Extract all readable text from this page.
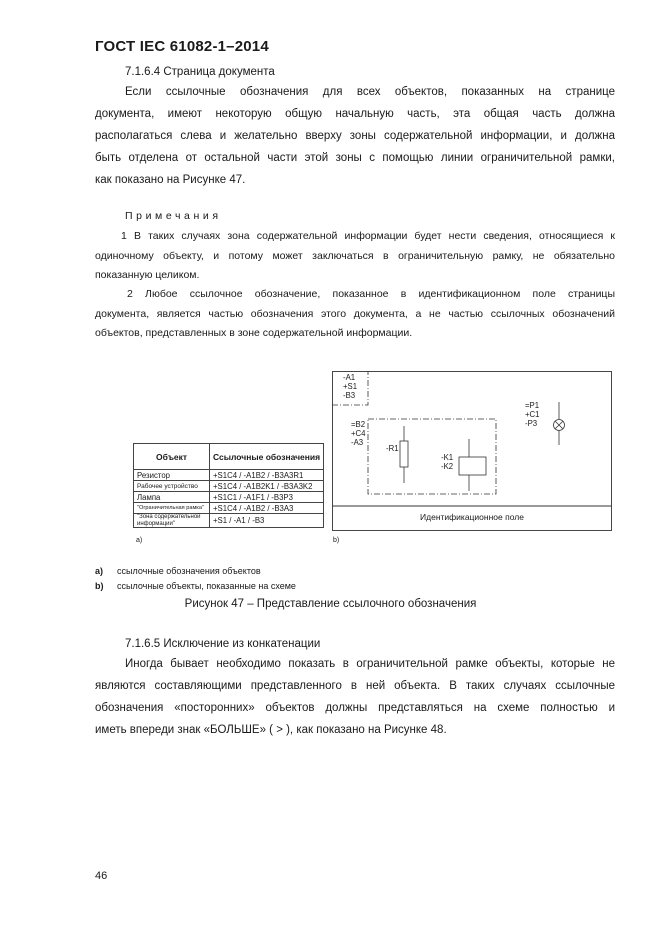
ГОСТ IEC 61082-1–2014
7.1.6.4 Страница документа
Если ссылочные обозначения для всех объектов, показанных на странице
документа, имеют некоторую общую начальную часть, эта общая часть должна
располагаться слева и желательно вверху зоны содержательной информации, и должна
быть отделена от остальной части этой зоны с помощью линии ограничительной рамки,
как показано на Рисунке 47.
Примечания
1 В таких случаях зона содержательной информации будет нести сведения, относящиеся к
одиночному объекту, и потому может заключаться в ограничительную рамку, не обязательно
показанную целиком.
2 Любое ссылочное обозначение, показанное в идентификационном поле страницы
документа, является частью обозначения этого документа, а не частью ссылочных обозначений
объектов, представленных в зоне содержательной информации.
Объект	Ссылочные обозначения
Резистор	+S1C4 / -A1B2 / -B3A3R1
Рабочее устройство	+S1C4 / -A1B2K1 / -B3A3K2
Лампа	+S1C1 / -A1F1 / -B3P3
"Ограничительная рамка"	+S1C4 / -A1B2 / -B3A3
"Зона содержательной информации"	+S1 / -A1 / -B3
a)
-A1
+S1
-B3
=B2
+C4
-A3
-R1
-K1
-K2
=P1
+C1
-P3
Идентификационное поле
b)
a) ссылочные обозначения объектов
b) ссылочные объекты, показанные на схеме
Рисунок 47 – Представление ссылочного обозначения
7.1.6.5 Исключение из конкатенации
Иногда бывает необходимо показать в ограничительной рамке объекты, которые не
являются составляющими представленного в ней объекта. В таких случаях ссылочные
обозначения «посторонних» объектов должны представляться на схеме полностью и
иметь впереди знак «БОЛЬШЕ» ( > ), как показано на Рисунке 48.
46
